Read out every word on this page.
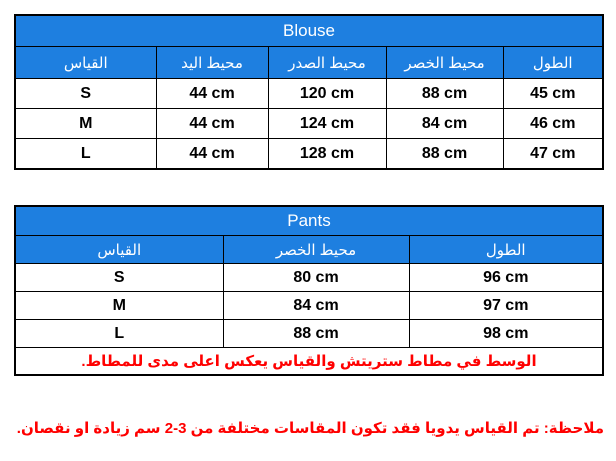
Blouse				
القياس	محيط اليد	محيط الصدر	محيط الخصر	الطول
S	44 cm	120 cm	88 cm	45 cm
M	44 cm	124 cm	84 cm	46 cm
L	44 cm	128 cm	88 cm	47 cm
Pants		
القياس	محيط الخصر	الطول
S	80 cm	96 cm
M	84 cm	97 cm
L	88 cm	98 cm
الوسط في مطاط ستريتش والقياس يعكس اعلى مدى للمطاط.		
ملاحظة: تم القياس يدويا فقد تكون المقاسات مختلفة من 3-2 سم زيادة او نقصان.
